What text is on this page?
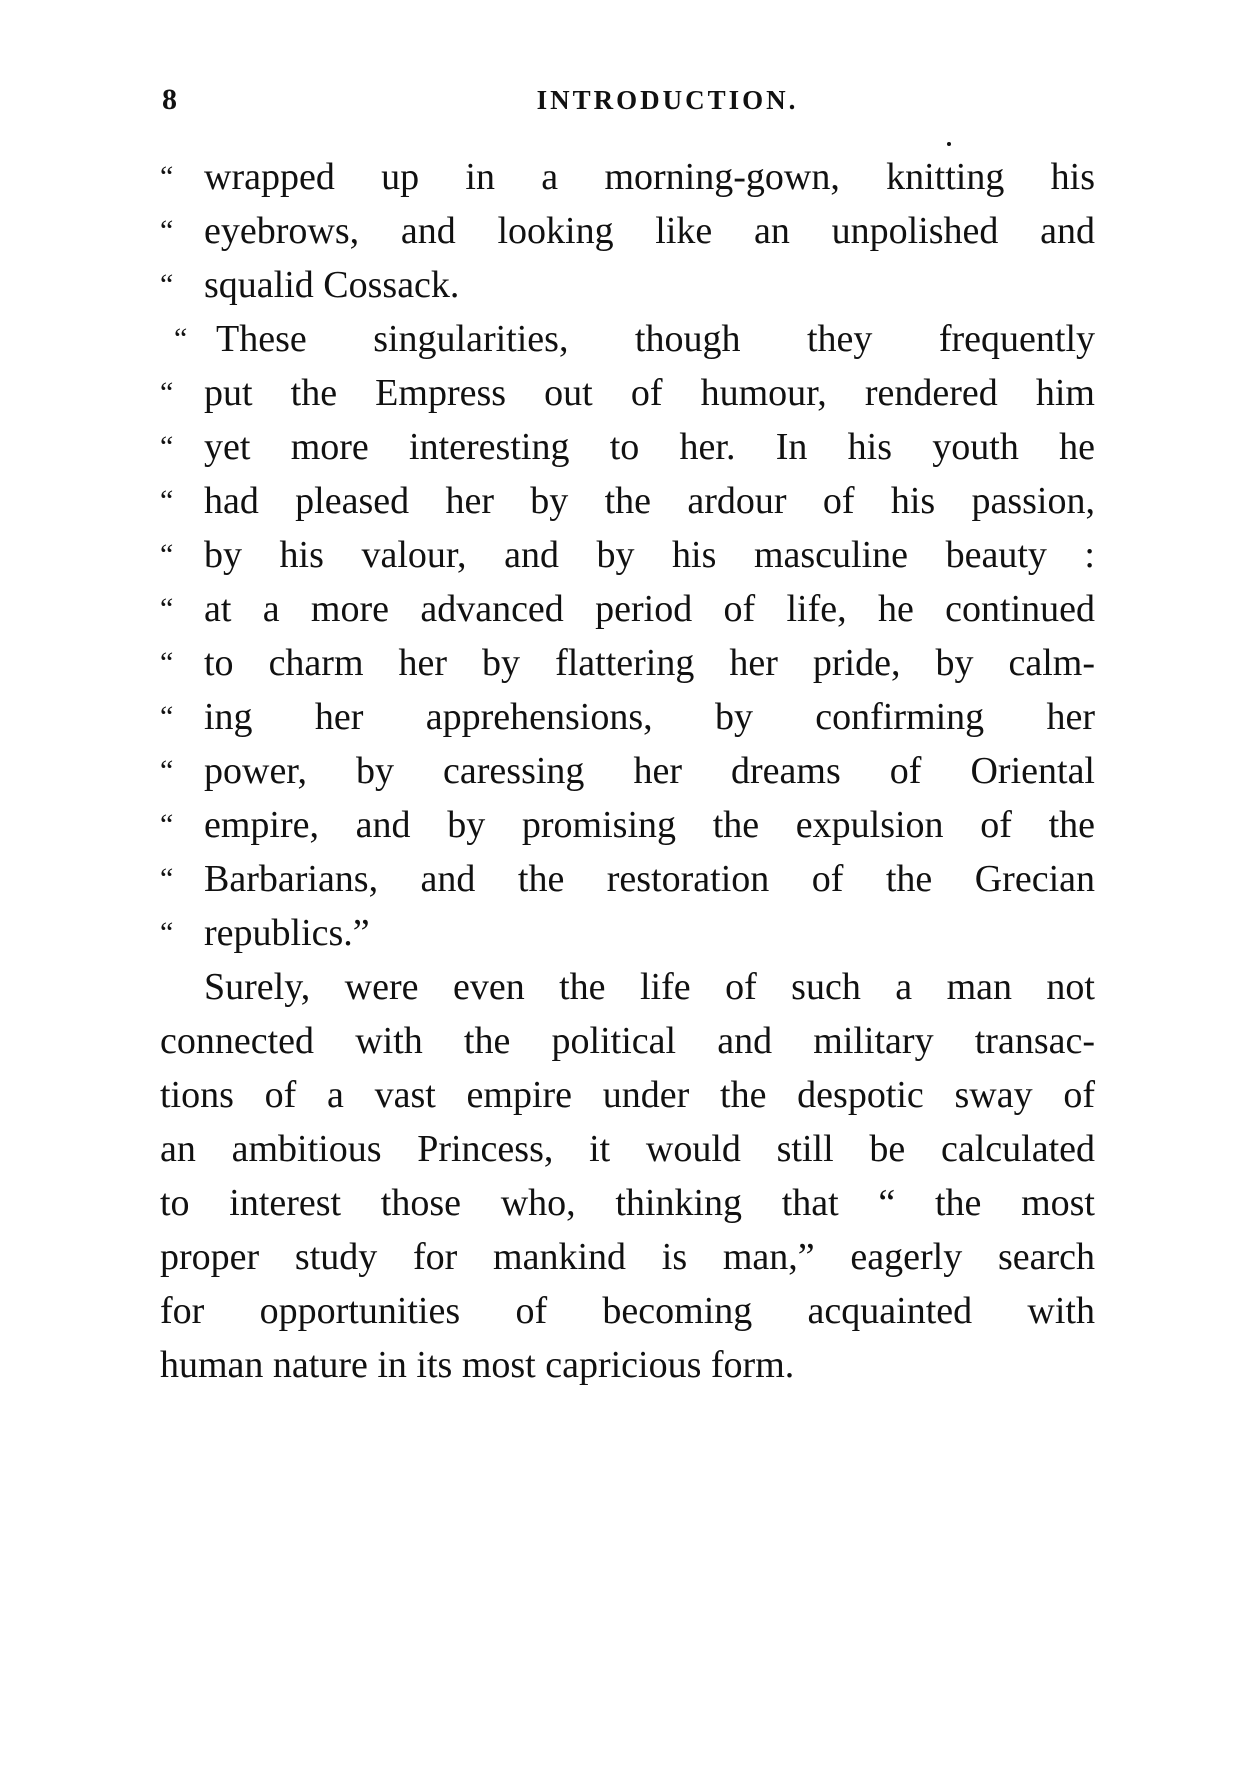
8	INTRODUCTION.
“ wrapped up in a morning-gown, knitting his
“ eyebrows, and looking like an unpolished and
“ squalid Cossack.
“ These singularities, though they frequently
“ put the Empress out of humour, rendered him
“ yet more interesting to her. In his youth he
“ had pleased her by the ardour of his passion,
“ by his valour, and by his masculine beauty :
“ at a more advanced period of life, he continued
“ to charm her by flattering her pride, by calm-
“ ing her apprehensions, by confirming her
“ power, by caressing her dreams of Oriental
“ empire, and by promising the expulsion of the
“ Barbarians, and the restoration of the Grecian
“ republics.”
Surely, were even the life of such a man not
connected with the political and military transac-
tions of a vast empire under the despotic sway of
an ambitious Princess, it would still be calculated
to interest those who, thinking that “ the most
proper study for mankind is man,” eagerly search
for opportunities of becoming acquainted with
human nature in its most capricious form.
